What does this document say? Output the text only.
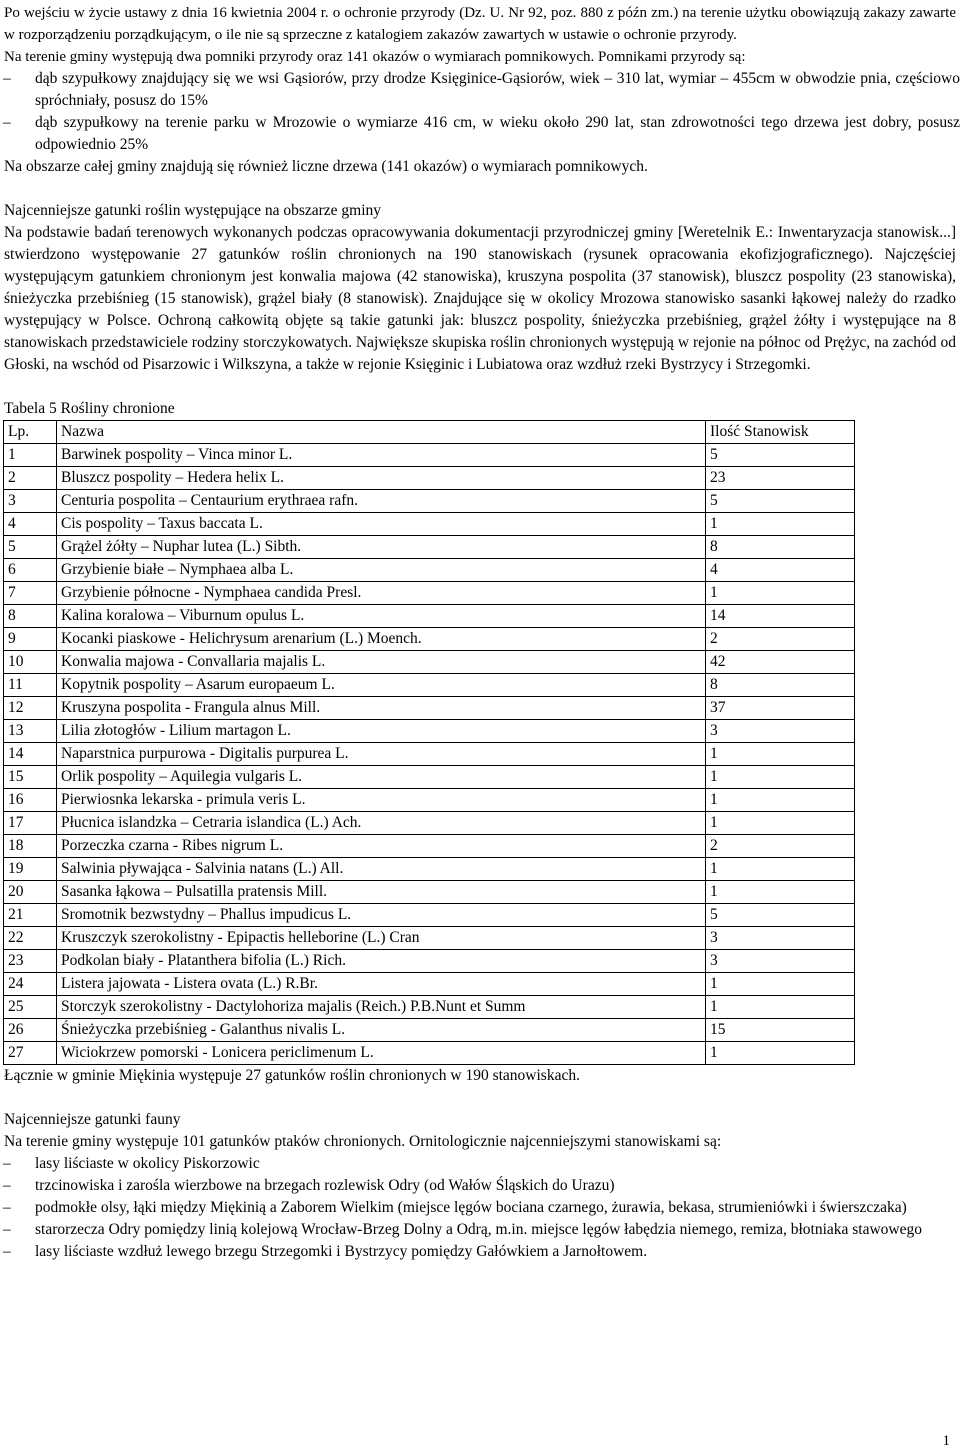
Po wejściu w życie ustawy z dnia 16 kwietnia 2004 r. o ochronie przyrody (Dz. U. Nr 92, poz. 880 z późn zm.) na terenie użytku obowiązują zakazy zawarte w rozporządzeniu porządkującym, o ile nie są sprzeczne z katalogiem zakazów zawartych w ustawie o ochronie przyrody.

Na terenie gminy występują dwa pomniki przyrody oraz 141 okazów o wymiarach pomnikowych. Pomnikami przyrody są:

– dąb szypułkowy znajdujący się we wsi Gąsiorów, przy drodze Księginice-Gąsiorów, wiek – 310 lat, wymiar – 455cm w obwodzie pnia, częściowo spróchniały, posusz do 15%
– dąb szypułkowy na terenie parku w Mrozowie o wymiarze 416 cm, w wieku około 290 lat, stan zdrowotności tego drzewa jest dobry, posusz odpowiednio 25%

Na obszarze całej gminy znajdują się również liczne drzewa (141 okazów) o wymiarach pomnikowych.

Najcenniejsze gatunki roślin występujące na obszarze gminy

Na podstawie badań terenowych wykonanych podczas opracowywania dokumentacji przyrodniczej gminy [Weretelnik E.: Inwentaryzacja stanowisk...] stwierdzono występowanie 27 gatunków roślin chronionych na 190 stanowiskach (rysunek opracowania ekofizjograficznego). Najczęściej występującym gatunkiem chronionym jest konwalia majowa (42 stanowiska), kruszyna pospolita (37 stanowisk), bluszcz pospolity (23 stanowiska), śnieżyczka przebiśnieg (15 stanowisk), grążel biały (8 stanowisk). Znajdujące się w okolicy Mrozowa stanowisko sasanki łąkowej należy do rzadko występujący w Polsce. Ochroną całkowitą objęte są takie gatunki jak: bluszcz pospolity, śnieżyczka przebiśnieg, grążel żółty i występujące na 8 stanowiskach przedstawiciele rodziny storczykowatych. Największe skupiska roślin chronionych występują w rejonie na północ od Prężyc, na zachód od Głoski, na wschód od Pisarzowic i Wilkszyna, a także w rejonie Księginic i Lubiatowa oraz wzdłuż rzeki Bystrzycy i Strzegomki.

Tabela 5 Rośliny chronione

Lp.	Nazwa	Ilość Stanowisk
1	Barwinek pospolity – Vinca minor L.	5
2	Bluszcz pospolity – Hedera helix L.	23
3	Centuria pospolita – Centaurium erythraea rafn.	5
4	Cis pospolity – Taxus baccata L.	1
5	Grążel żółty – Nuphar lutea (L.) Sibth.	8
6	Grzybienie białe – Nymphaea alba L.	4
7	Grzybienie północne - Nymphaea candida Presl.	1
8	Kalina koralowa – Viburnum opulus L.	14
9	Kocanki piaskowe - Helichrysum arenarium (L.) Moench.	2
10	Konwalia majowa - Convallaria majalis L.	42
11	Kopytnik pospolity – Asarum europaeum L.	8
12	Kruszyna pospolita - Frangula alnus Mill.	37
13	Lilia złotogłów - Lilium martagon L.	3
14	Naparstnica purpurowa - Digitalis purpurea L.	1
15	Orlik pospolity – Aquilegia vulgaris L.	1
16	Pierwiosnka lekarska - primula veris L.	1
17	Płucnica islandzka – Cetraria islandica (L.) Ach.	1
18	Porzeczka czarna - Ribes nigrum L.	2
19	Salwinia pływająca - Salvinia natans (L.) All.	1
20	Sasanka łąkowa – Pulsatilla pratensis Mill.	1
21	Sromotnik bezwstydny – Phallus impudicus L.	5
22	Kruszczyk szerokolistny - Epipactis helleborine (L.) Cran	3
23	Podkolan biały - Platanthera bifolia (L.) Rich.	3
24	Listera jajowata - Listera ovata (L.) R.Br.	1
25	Storczyk szerokolistny - Dactylohoriza majalis (Reich.) P.B.Nunt et Summ	1
26	Śnieżyczka przebiśnieg - Galanthus nivalis L.	15
27	Wiciokrzew pomorski - Lonicera periclimenum L.	1

Łącznie w gminie Miękinia występuje 27 gatunków roślin chronionych w 190 stanowiskach.

Najcenniejsze gatunki fauny

Na terenie gminy występuje 101 gatunków ptaków chronionych. Ornitologicznie najcenniejszymi stanowiskami są:

– lasy liściaste w okolicy Piskorzowic
– trzcinowiska i zarośla wierzbowe na brzegach rozlewisk Odry (od Wałów Śląskich do Urazu)
– podmokłe olsy, łąki między Miękinią a Zaborem Wielkim (miejsce lęgów bociana czarnego, żurawia, bekasa, strumieniówki i świerszczaka)
– starorzecza Odry pomiędzy linią kolejową Wrocław-Brzeg Dolny a Odrą, m.in. miejsce lęgów łabędzia niemego, remiza, błotniaka stawowego
– lasy liściaste wzdłuż lewego brzegu Strzegomki i Bystrzycy pomiędzy Gałówkiem a Jarnołtowem.
1
